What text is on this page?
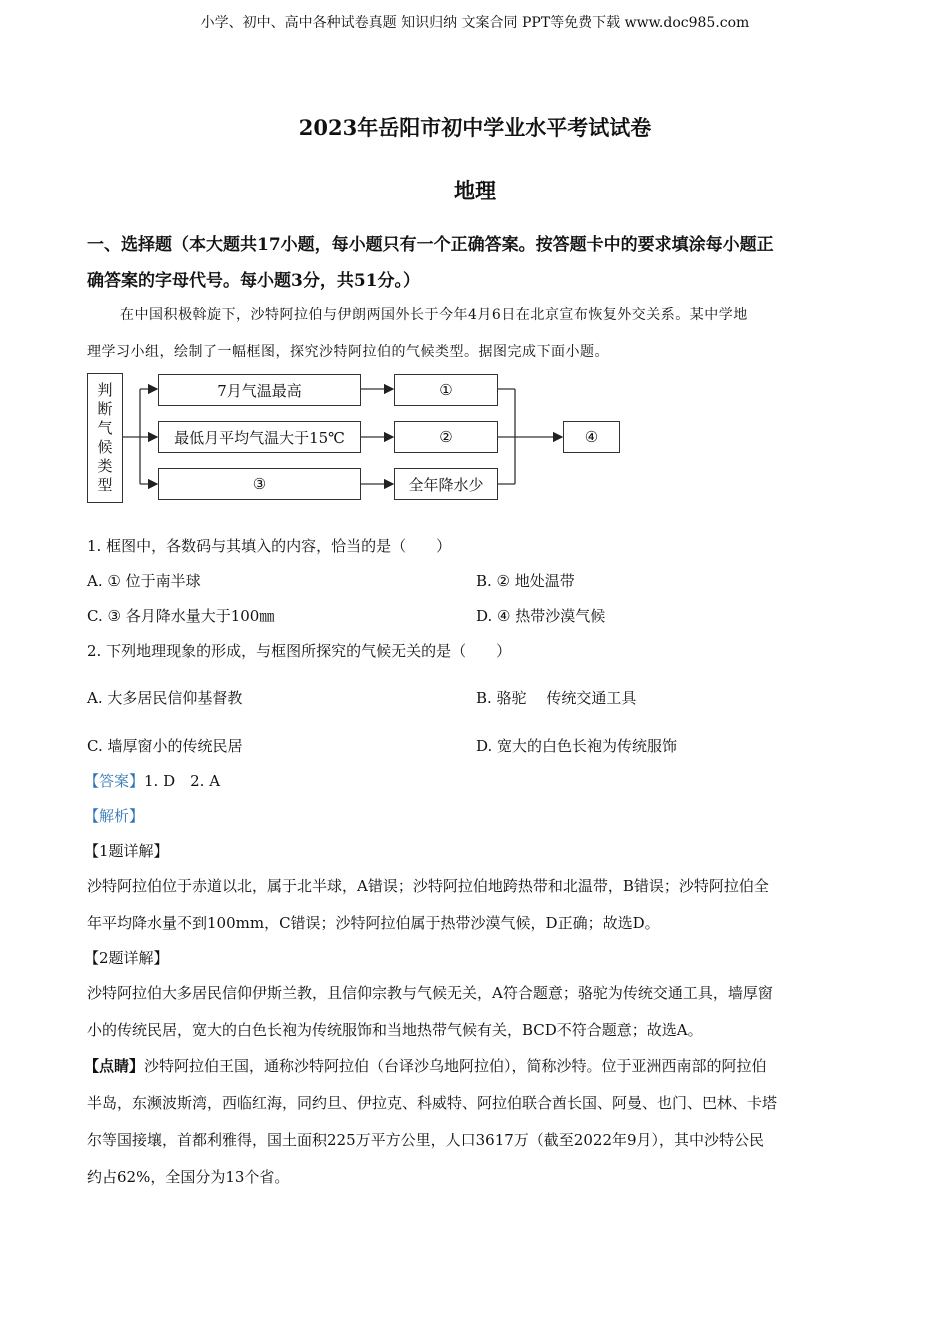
小学、初中、高中各种试卷真题 知识归纳 文案合同 PPT等免费下载 www.doc985.com
2023年岳阳市初中学业水平考试试卷
地理
一、选择题（本大题共17小题，每小题只有一个正确答案。按答题卡中的要求填涂每小题正
确答案的字母代号。每小题3分，共51分。）
在中国积极斡旋下，沙特阿拉伯与伊朗两国外长于今年4月6日在北京宣布恢复外交关系。某中学地
理学习小组，绘制了一幅框图，探究沙特阿拉伯的气候类型。据图完成下面小题。
判
断
气
候
类
型
7月气温最高
最低月平均气温大于15℃
③
①
②
全年降水少
④
1. 框图中，各数码与其填入的内容，恰当的是（　　）
A. ① 位于南半球	B. ② 地处温带
C. ③ 各月降水量大于100㎜	D. ④ 热带沙漠气候
2. 下列地理现象的形成，与框图所探究的气候无关的是（　　）
A. 大多居民信仰基督教	B. 骆驼　 传统交通工具
C. 墙厚窗小的传统民居	D. 宽大的白色长袍为传统服饰
【答案】1. D　2. A
【解析】
【1题详解】
沙特阿拉伯位于赤道以北，属于北半球，A错误；沙特阿拉伯地跨热带和北温带，B错误；沙特阿拉伯全
年平均降水量不到100mm，C错误；沙特阿拉伯属于热带沙漠气候，D正确；故选D。
【2题详解】
沙特阿拉伯大多居民信仰伊斯兰教，且信仰宗教与气候无关，A符合题意；骆驼为传统交通工具，墙厚窗
小的传统民居，宽大的白色长袍为传统服饰和当地热带气候有关，BCD不符合题意；故选A。
【点睛】沙特阿拉伯王国，通称沙特阿拉伯（台译沙乌地阿拉伯），简称沙特。位于亚洲西南部的阿拉伯
半岛，东濒波斯湾，西临红海，同约旦、伊拉克、科威特、阿拉伯联合酋长国、阿曼、也门、巴林、卡塔
尔等国接壤，首都利雅得，国土面积225万平方公里，人口3617万（截至2022年9月），其中沙特公民
约占62%，全国分为13个省。
